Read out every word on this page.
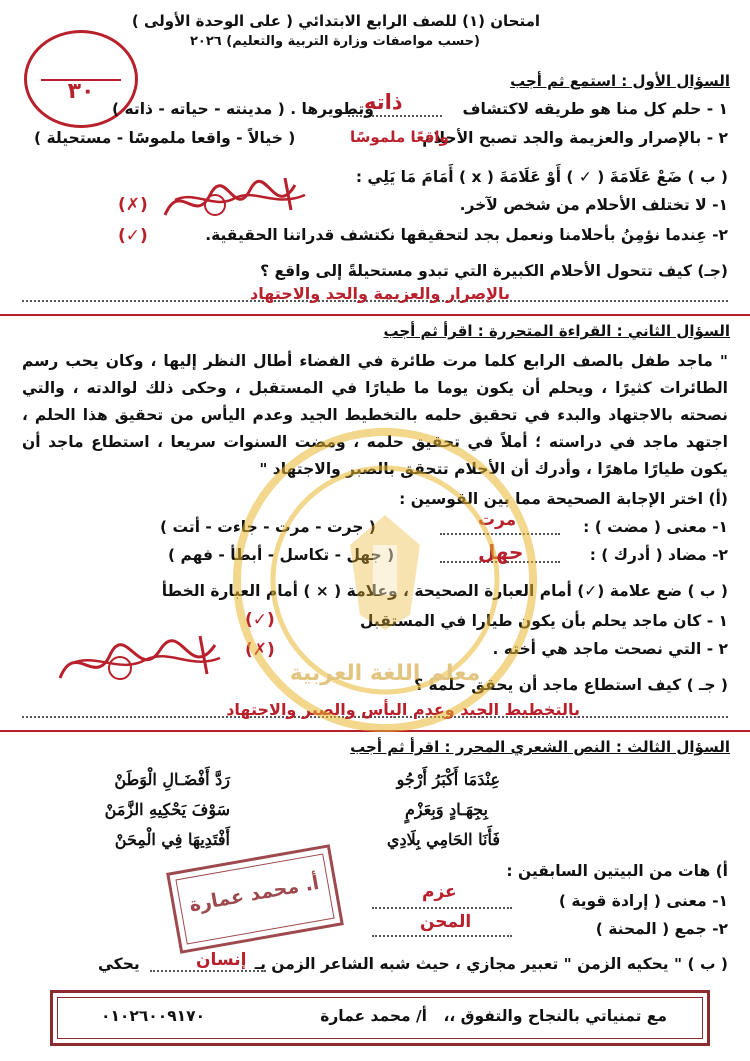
امتحان (١) للصف الرابع الابتدائي ( على الوحدة الأولى )
(حسب مواصفات وزارة التربية والتعليم) ٢٠٢٦
٣٠	السؤال الأول : استمع ثم أجب
١ - حلم كل منا هو طريقه لاكتشاف
ذاته
وتطويرها . ( مدينته - حياته - ذاته )
٢ - بالإصرار والعزيمة والجد تصبح الأحلام
واقعًا ملموسًا
( خيالاً - واقعا ملموسًا - مستحيلة )
( ب ) ضَعْ عَلَامَةَ ( ✓ ) أَوْ عَلَامَةَ ( x ) أَمَامَ مَا يَلِي :
١- لا تختلف الأحلام من شخص لآخر.
(✗)
٢- عِندما نؤمِنُ بأحلامنا ونعمل بجد لتحقيقها نكتشف قدراتنا الحقيقية.
(✓)
(جـ) كيف تتحول الأحلام الكبيرة التي تبدو مستحيلةً إلى واقع ؟
بالإصرار والعزيمة والجد والاجتهاد
السؤال الثاني : القراءة المتحررة : اقرأ ثم أجب
" ماجد طفل بالصف الرابع كلما مرت طائرة في الفضاء أطال النظر إليها ، وكان يحب رسم الطائرات كثيرًا ، ويحلم أن يكون يوما ما طيارًا في المستقبل ، وحكى ذلك لوالدته ، والتي نصحته بالاجتهاد والبدء في تحقيق حلمه بالتخطيط الجيد وعدم اليأس من تحقيق هذا الحلم ، اجتهد ماجد في دراسته ؛ أملاً في تحقيق حلمه ، ومضت السنوات سريعا ، استطاع ماجد أن يكون طيارًا ماهرًا ، وأدرك أن الأحلام تتحقق بالصبر والاجتهاد "
(أ) اختر الإجابة الصحيحة مما بين القوسين :
١- معنى ( مضت ) :
مرت
( جرت - مرت - جاءت - أتت )
٢- مضاد ( أدرك ) :
جهل
( جهل - تكاسل - أبطأ - فهم )
( ب ) ضع علامة (✓) أمام العبارة الصحيحة ، وعلامة ( × ) أمام العبارة الخطأ
١ - كان ماجد يحلم بأن يكون طيارا في المستقبل
(✓)
٢ - التي نصحت ماجد هي أخته .
(✗)
( جـ ) كيف استطاع ماجد أن يحقق حلمه ؟
بالتخطيط الجيد وعدم اليأس والصبر والاجتهاد
معلم اللغة العربية
السؤال الثالث : النص الشعري المحرر : اقرأ ثم أجب
عِنْدَمَا أَكْبَرُ أَرْجُو
رَدَّ أَفْضَـالِ الْوَطَنْ
بِجِهَـادٍ وَبِعَزْمٍ
سَوْفَ يَحْكِيهِ الزَّمَنْ
فَأَنَا الحَامِي بِلَادِي
أَفْتَدِيهَا فِي الْمِحَنْ
أ) هات من البيتين السابقين :
١- معنى ( إرادة قوية )
عزم
٢- جمع ( المحنة )
المحن
أ. محمد عمارة
( ب ) " يحكيه الزمن " تعبير مجازي ، حيث شبه الشاعر الزمن بـ
إنسان
يحكي
مع تمنياتي بالنجاح والتفوق ،،
أ/ محمد عمارة
٠١٠٢٦٠٠٩١٧٠
